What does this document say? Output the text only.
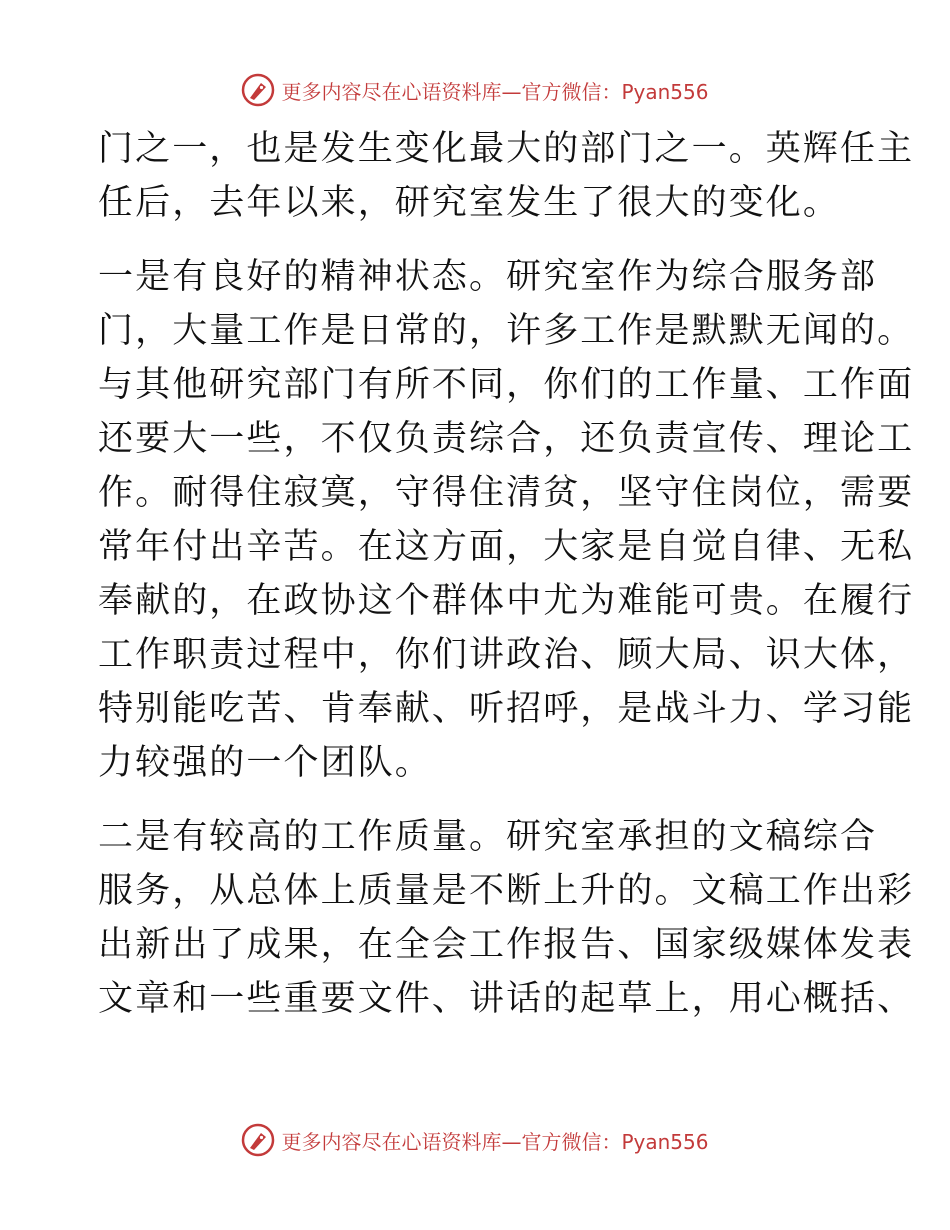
更多内容尽在心语资料库—官方微信：Pyan556

门之一，也是发生变化最大的部门之一。英辉任主
任后，去年以来，研究室发生了很大的变化。

一是有良好的精神状态。研究室作为综合服务部
门，大量工作是日常的，许多工作是默默无闻的。
与其他研究部门有所不同，你们的工作量、工作面
还要大一些，不仅负责综合，还负责宣传、理论工
作。耐得住寂寞，守得住清贫，坚守住岗位，需要
常年付出辛苦。在这方面，大家是自觉自律、无私
奉献的，在政协这个群体中尤为难能可贵。在履行
工作职责过程中，你们讲政治、顾大局、识大体，
特别能吃苦、肯奉献、听招呼，是战斗力、学习能
力较强的一个团队。

二是有较高的工作质量。研究室承担的文稿综合
服务，从总体上质量是不断上升的。文稿工作出彩
出新出了成果，在全会工作报告、国家级媒体发表
文章和一些重要文件、讲话的起草上，用心概括、

更多内容尽在心语资料库—官方微信：Pyan556
